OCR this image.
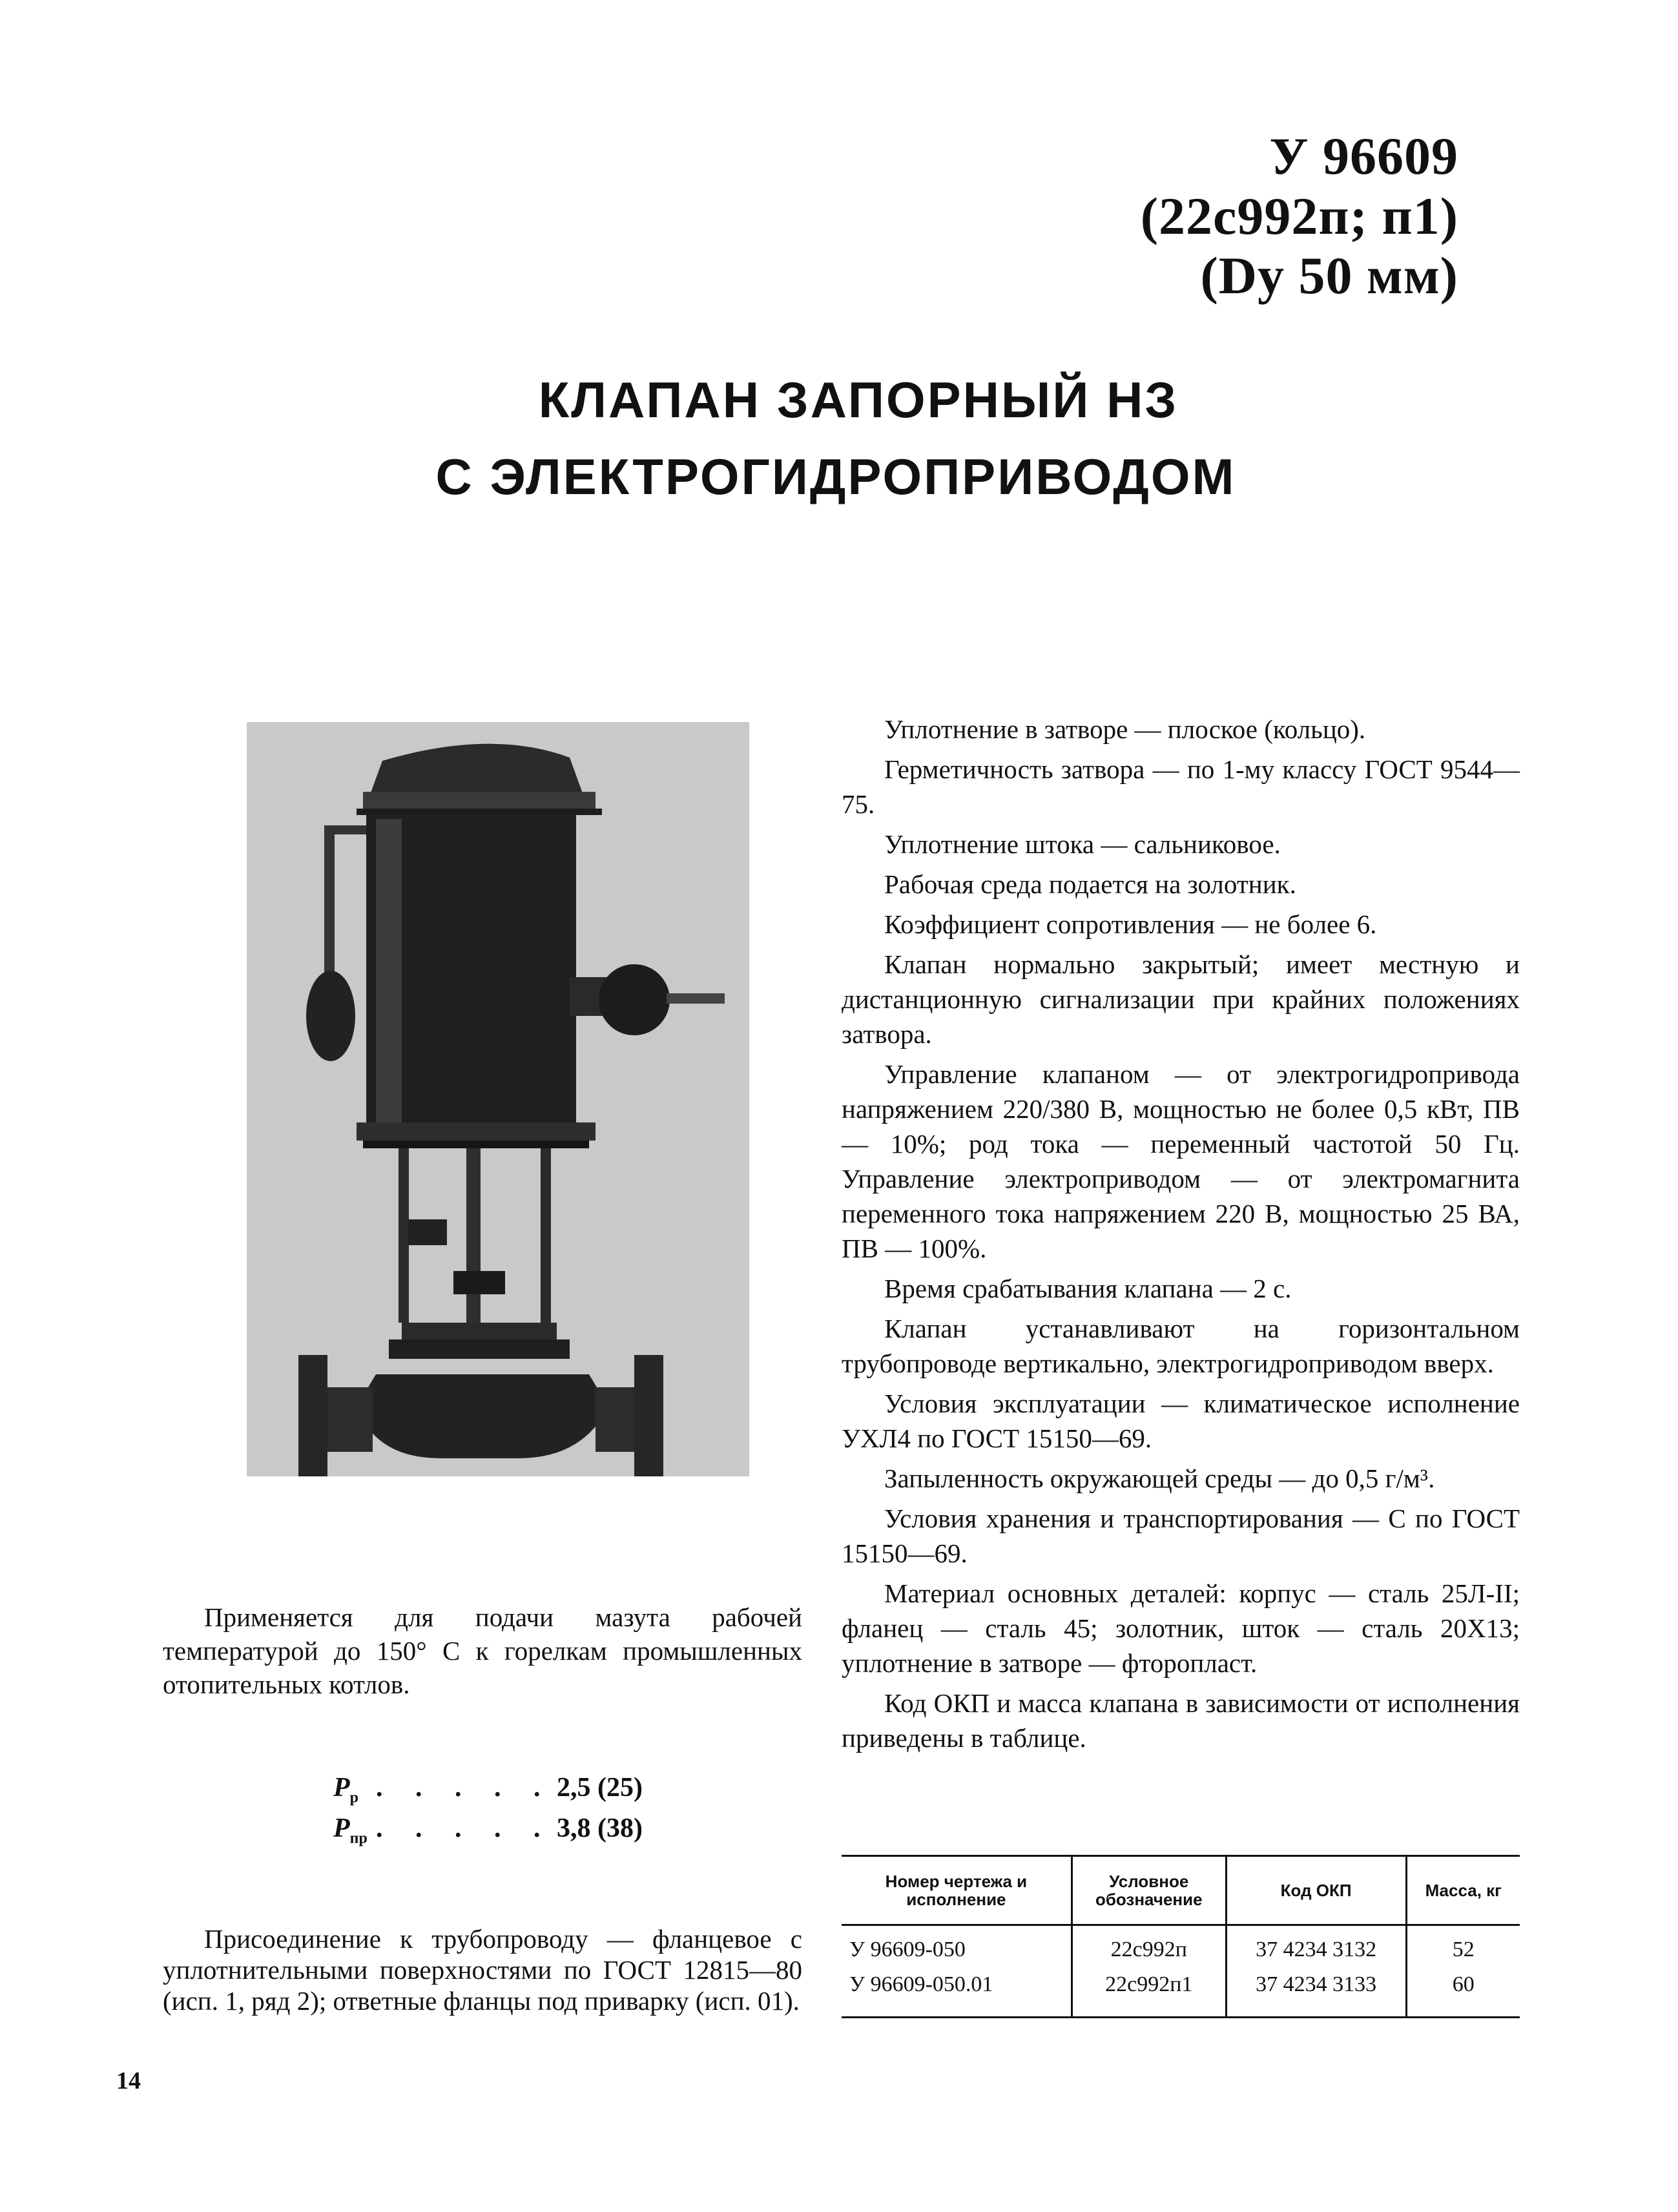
У 96609
(22с992п; п1)
(Dу 50 мм)
КЛАПАН ЗАПОРНЫЙ НЗ
С ЭЛЕКТРОГИДРОПРИВОДОМ

Уплотнение в затворе — плоское (кольцо).

Герметичность затвора — по 1-му классу ГОСТ 9544—75.

Уплотнение штока — сальниковое.

Рабочая среда подается на золотник.

Коэффициент сопротивления — не более 6.

Клапан нормально закрытый; имеет местную и дистанционную сигнализации при крайних положениях затвора.

Управление клапаном — от электрогидропривода напряжением 220/380 В, мощностью не более 0,5 кВт, ПВ — 10%; род тока — переменный частотой 50 Гц. Управление электроприводом — от электромагнита переменного тока напряжением 220 В, мощностью 25 ВА, ПВ — 100%.

Время срабатывания клапана — 2 с.

Клапан устанавливают на горизонтальном трубопроводе вертикально, электрогидроприводом вверх.

Условия эксплуатации — климатическое исполнение УХЛ4 по ГОСТ 15150—69.

Запыленность окружающей среды — до 0,5 г/м³.

Условия хранения и транспортирования — С по ГОСТ 15150—69.

Материал основных деталей: корпус — сталь 25Л-II; фланец — сталь 45; золотник, шток — сталь 20Х13; уплотнение в затворе — фторопласт.

Код ОКП и масса клапана в зависимости от исполнения приведены в таблице.

Применяется для подачи мазута рабочей температурой до 150° С к горелкам промышленных отопительных котлов.

$P_р$ . . . . . 2,5 (25)
$P_{пр}$ . . . . . 3,8 (38)

Присоединение к трубопроводу — фланцевое с уплотнительными поверхностями по ГОСТ 12815—80 (исп. 1, ряд 2); ответные фланцы под приварку (исп. 01).

Номер чертежа и исполнение	Условное обозначение	Код ОКП	Масса, кг
У 96609-050	22с992п	37 4234 3132	52
У 96609-050.01	22с992п1	37 4234 3133	60
14
